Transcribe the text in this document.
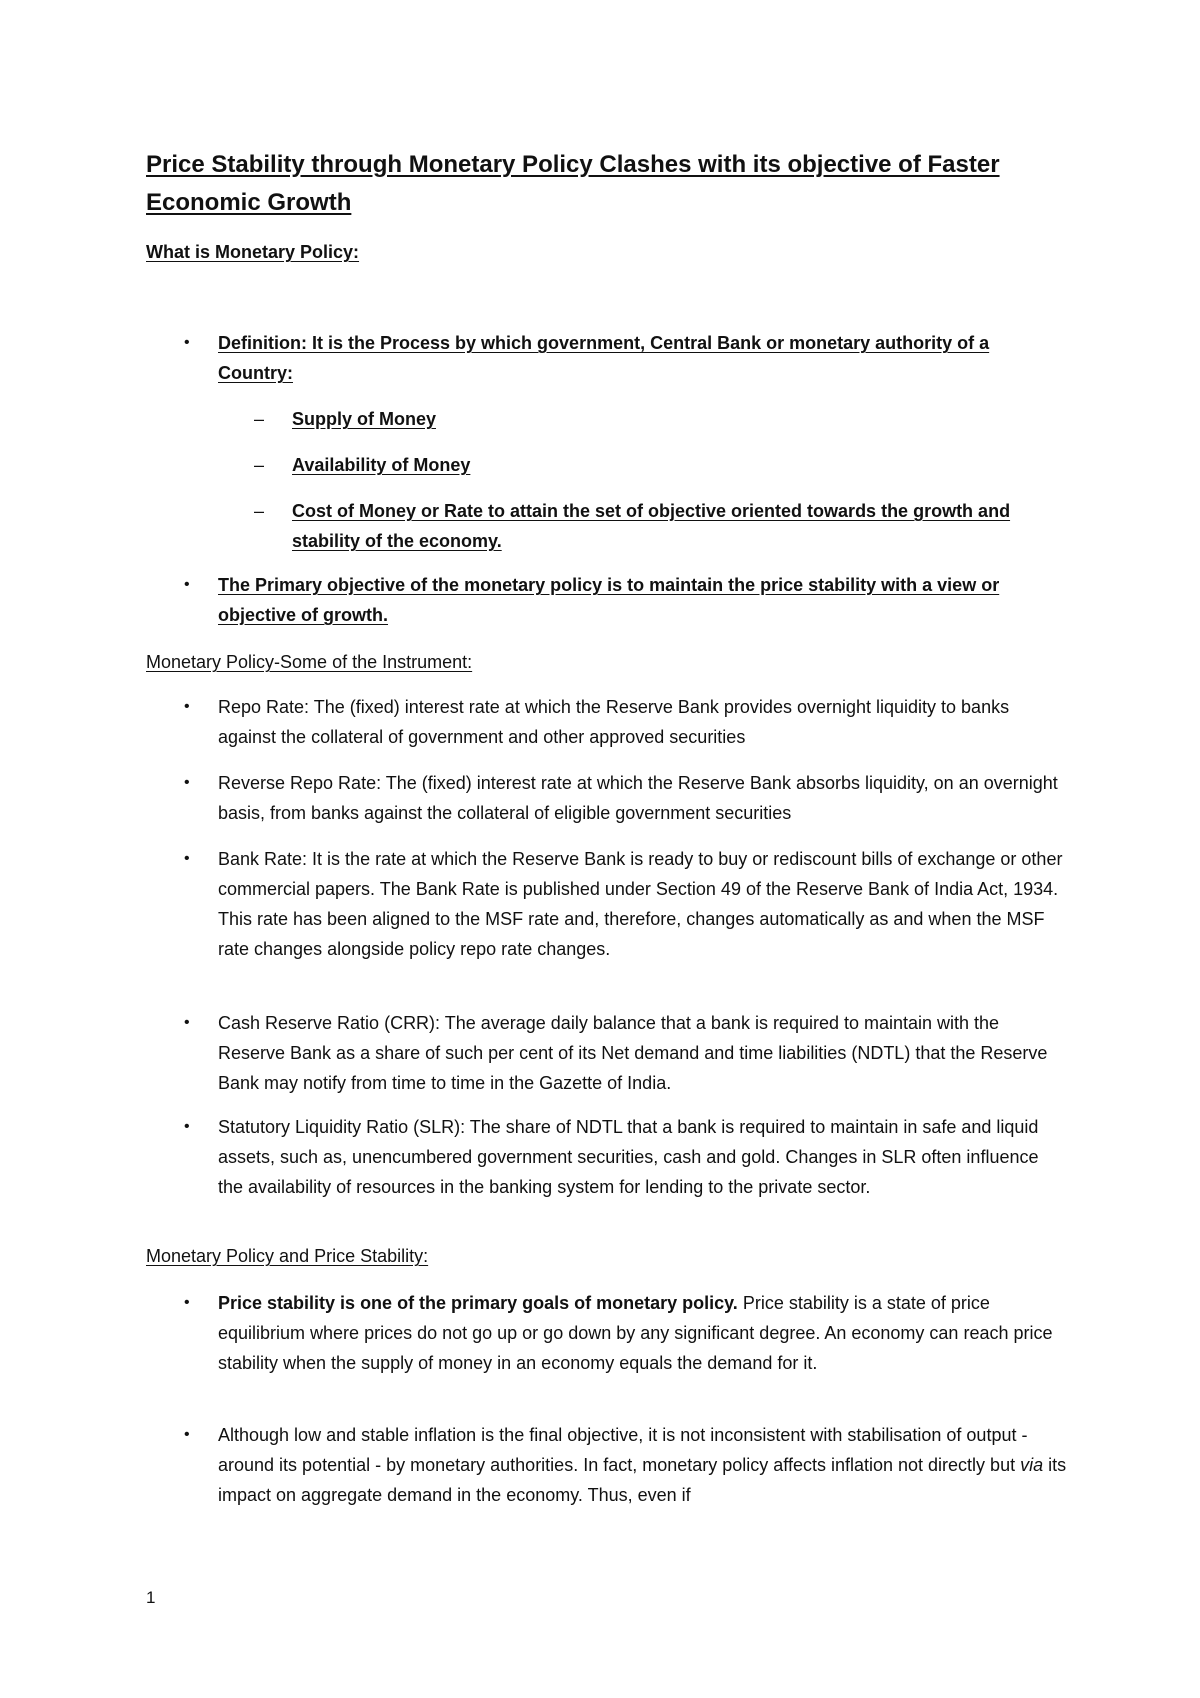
Price Stability through Monetary Policy Clashes with its objective of Faster Economic Growth
What is Monetary Policy:
• Definition: It is the Process by which government, Central Bank or monetary authority of a Country:
– Supply of Money
– Availability of Money
– Cost of Money or Rate to attain the set of objective oriented towards the growth and stability of the economy.
• The Primary objective of the monetary policy is to maintain the price stability with a view or objective of growth.
Monetary Policy-Some of the Instrument:
• Repo Rate: The (fixed) interest rate at which the Reserve Bank provides overnight liquidity to banks against the collateral of government and other approved securities
• Reverse Repo Rate: The (fixed) interest rate at which the Reserve Bank absorbs liquidity, on an overnight basis, from banks against the collateral of eligible government securities
• Bank Rate: It is the rate at which the Reserve Bank is ready to buy or rediscount bills of exchange or other commercial papers. The Bank Rate is published under Section 49 of the Reserve Bank of India Act, 1934. This rate has been aligned to the MSF rate and, therefore, changes automatically as and when the MSF rate changes alongside policy repo rate changes.
• Cash Reserve Ratio (CRR): The average daily balance that a bank is required to maintain with the Reserve Bank as a share of such per cent of its Net demand and time liabilities (NDTL) that the Reserve Bank may notify from time to time in the Gazette of India.
• Statutory Liquidity Ratio (SLR): The share of NDTL that a bank is required to maintain in safe and liquid assets, such as, unencumbered government securities, cash and gold. Changes in SLR often influence the availability of resources in the banking system for lending to the private sector.
Monetary Policy and Price Stability:
• Price stability is one of the primary goals of monetary policy. Price stability is a state of price equilibrium where prices do not go up or go down by any significant degree. An economy can reach price stability when the supply of money in an economy equals the demand for it.
• Although low and stable inflation is the final objective, it is not inconsistent with stabilisation of output - around its potential - by monetary authorities. In fact, monetary policy affects inflation not directly but via its impact on aggregate demand in the economy. Thus, even if
1
